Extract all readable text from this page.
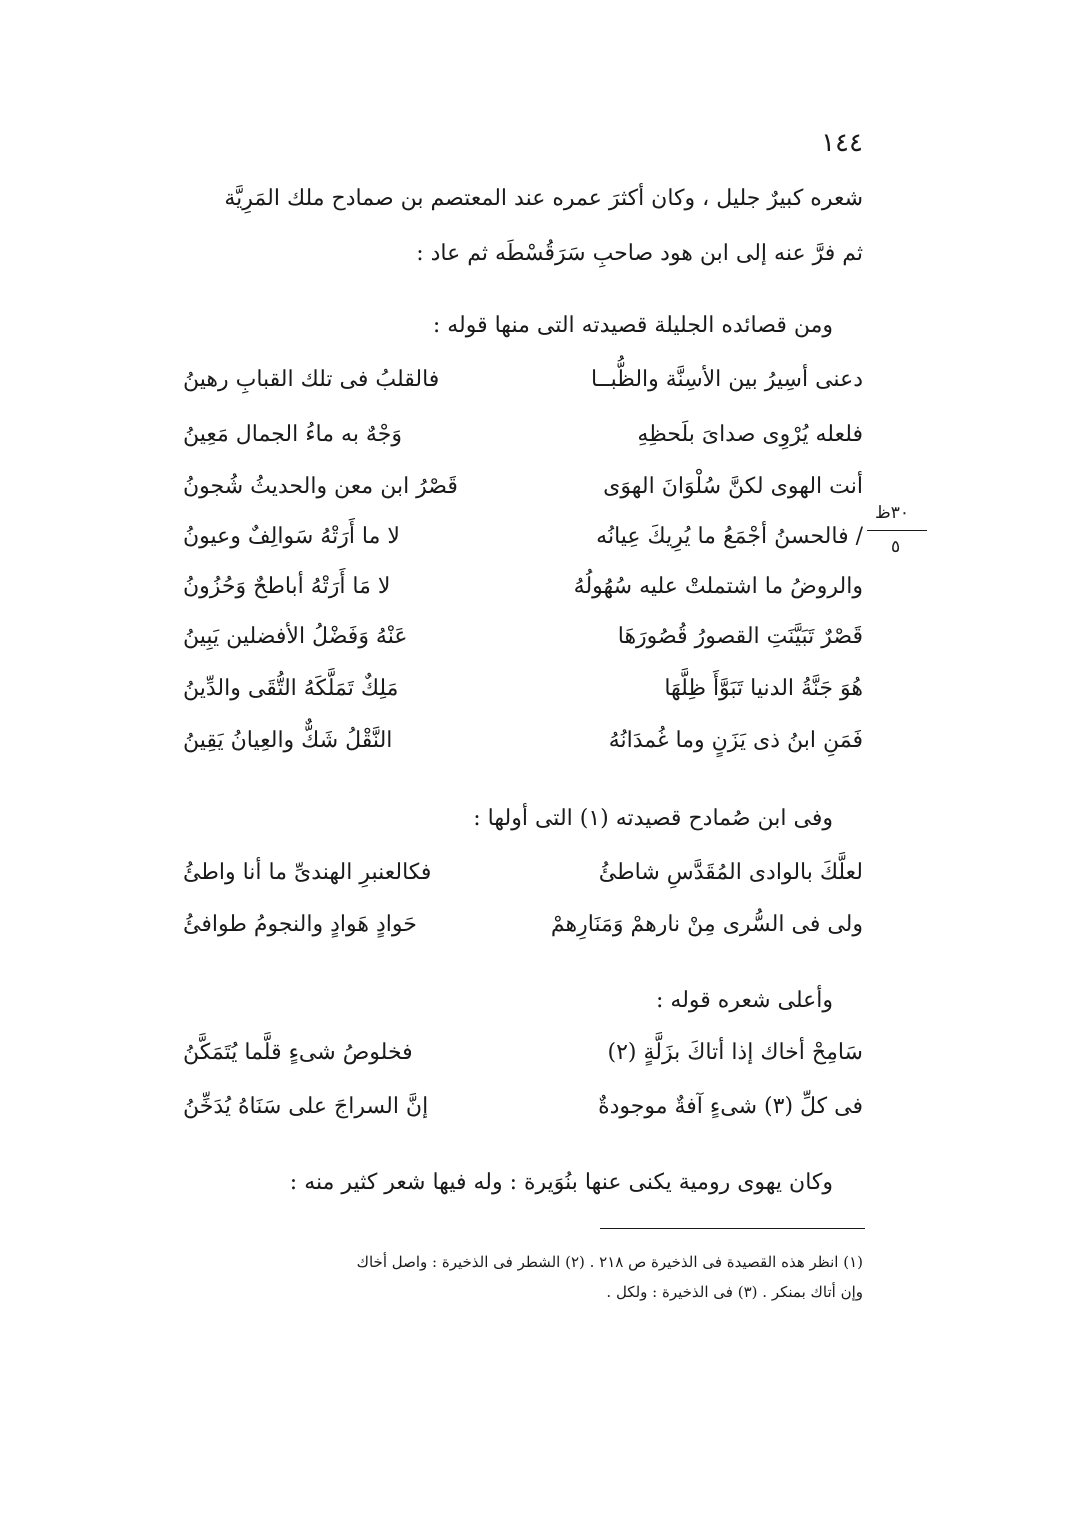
١٤٤
شعره كبيرٌ جليل ، وكان أكثرَ عمره عند المعتصم بن صمادح ملك المَرِيَّة
ثم فرَّ عنه إلى ابن هود صاحبِ سَرَقُسْطَه ثم عاد :
ومن قصائده الجليلة قصيدته التى منها قوله :
دعنى أسِيرُ بين الأسِنَّة والظُّبــا
فالقلبُ فى تلك القبابِ رهينُ
فلعله يُرْوِى صداىَ بلَحظِهِ
وَجْهٌ به ماءُ الجمال مَعِينُ
أنت الهوى لكنَّ سُلْوَانَ الهوَى
قَصْرُ ابن معن والحديثُ شُجونُ
/ فالحسنُ أجْمَعُ ما يُرِيكَ عِيانُه
لا ما أَرَتْهُ سَوالِفٌ وعيونُ
والروضُ ما اشتملتْ عليه سُهُولُهُ
لا مَا أَرَتْهُ أباطحٌ وَحُزُونُ
قَصْرٌ تَبَيَّنَتِ القصورُ قُصُورَهَا
عَنْهُ وَفَضْلُ الأفضلين يَبِينُ
هُوَ جَنَّةُ الدنيا تَبَوَّأَ ظِلَّهَا
مَلِكٌ تَمَلَّكَهُ التُّقَى والدِّينُ
فَمَنِ ابنُ ذى يَزَنٍ وما غُمدَانُهُ
النَّقْلُ شَكٌّ والعِيانُ يَقِينُ
٣٠ظ
٥
وفى ابن صُمادح قصيدته (١) التى أولها :
لعلَّكَ بالوادى المُقَدَّسِ شاطئُ
فكالعنبرِ الهندىِّ ما أنا واطئُ
ولى فى السُّرى مِنْ نارهمْ وَمَنَارِهمْ
حَوادٍ هَوادٍ والنجومُ طوافئُ
وأعلى شعره قوله :
سَامِحْ أخاك إذا أتاكَ بزَلَّةٍ (٢)
فخلوصُ شىءٍ قلَّما يُتَمَكَّنُ
فى كلِّ (٣) شىءٍ آفةٌ موجودةٌ
إنَّ السراجَ على سَنَاهُ يُدَخِّنُ
وكان يهوى رومية يكنى عنها بنُوَيرة : وله فيها شعر كثير منه :
(١) انظر هذه القصيدة فى الذخيرة ص ٢١٨ . (٢) الشطر فى الذخيرة : واصل أخاك
وإن أتاك بمنكر . (٣) فى الذخيرة : ولكل .
